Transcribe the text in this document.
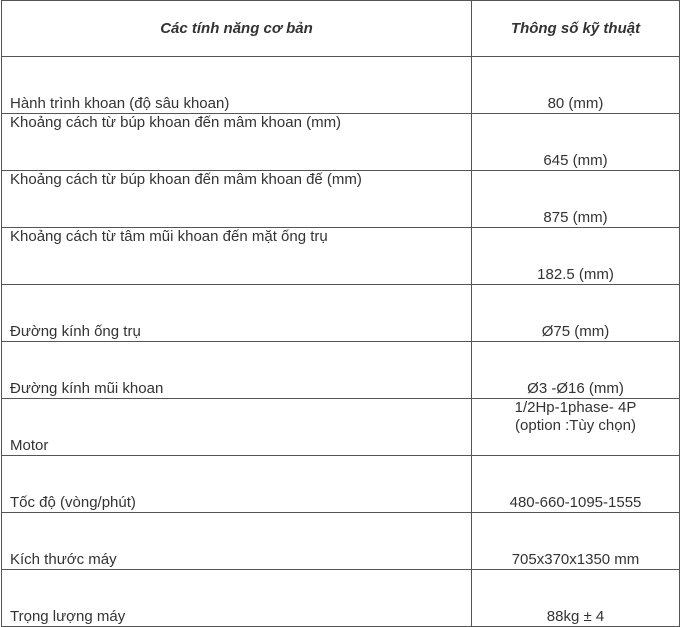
Các tính năng cơ bản	Thông số kỹ thuật
Hành trình khoan (độ sâu khoan)	80 (mm)
Khoảng cách từ búp khoan đến mâm khoan (mm)	645 (mm)
Khoảng cách từ búp khoan đến mâm khoan đế (mm)	875 (mm)
Khoảng cách từ tâm mũi khoan đến mặt ống trụ	182.5 (mm)
Đường kính ống trụ	Ø75 (mm)
Đường kính mũi khoan	Ø3 -Ø16 (mm)
Motor	1/2Hp-1phase- 4P
(option :Tùy chọn)

Tốc độ (vòng/phút)	480-660-1095-1555
Kích thước máy	705x370x1350 mm
Trọng lượng máy	88kg ± 4
